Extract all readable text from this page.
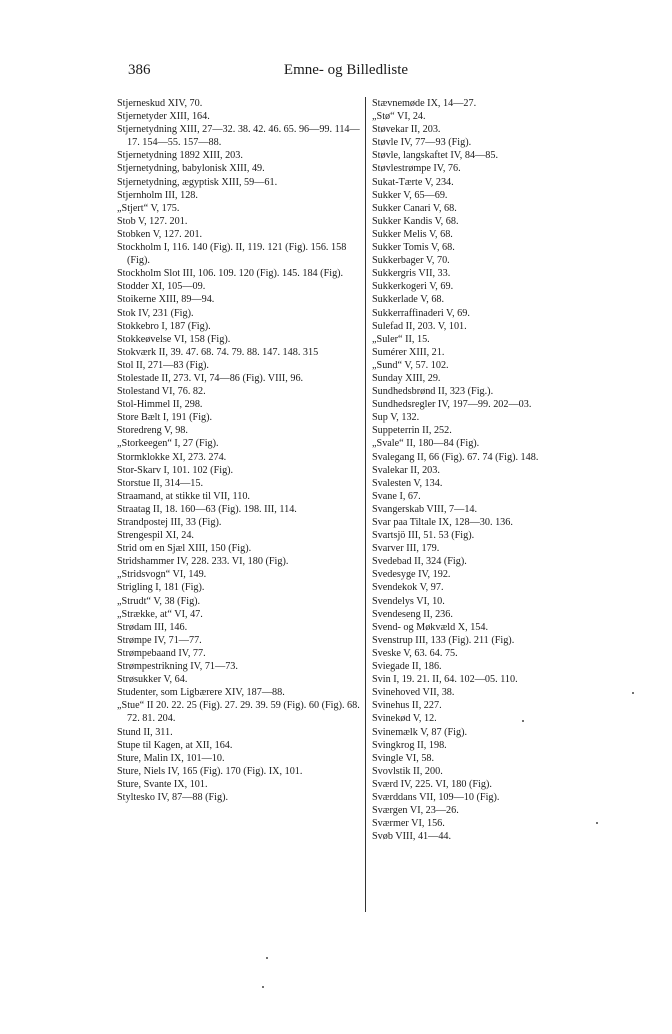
386	Emne- og Billedliste
Stjerneskud XIV, 70.
Stjernetyder XIII, 164.
Stjernetydning XIII, 27—32. 38. 42. 46. 65. 96—99. 114—17. 154—55. 157—88.
Stjernetydning 1892 XIII, 203.
Stjernetydning, babylonisk XIII, 49.
Stjernetydning, ægyptisk XIII, 59—61.
Stjernholm III, 128.
„Stjert“ V, 175.
Stob V, 127. 201.
Stobken V, 127. 201.
Stockholm I, 116. 140 (Fig). II, 119. 121 (Fig). 156. 158 (Fig).
Stockholm Slot III, 106. 109. 120 (Fig). 145. 184 (Fig).
Stodder XI, 105—09.
Stoikerne XIII, 89—94.
Stok IV, 231 (Fig).
Stokkebro I, 187 (Fig).
Stokkeøvelse VI, 158 (Fig).
Stokværk II, 39. 47. 68. 74. 79. 88. 147. 148. 315
Stol II, 271—83 (Fig).
Stolestade II, 273. VI, 74—86 (Fig). VIII, 96.
Stolestand VI, 76. 82.
Stol-Himmel II, 298.
Store Bælt I, 191 (Fig).
Storedreng V, 98.
„Storkeegen“ I, 27 (Fig).
Stormklokke XI, 273. 274.
Stor-Skarv I, 101. 102 (Fig).
Storstue II, 314—15.
Straamand, at stikke til VII, 110.
Straatag II, 18. 160—63 (Fig). 198. III, 114.
Strandpostej III, 33 (Fig).
Strengespil XI, 24.
Strid om en Sjæl XIII, 150 (Fig).
Stridshammer IV, 228. 233. VI, 180 (Fig).
„Stridsvogn“ VI, 149.
Strigling I, 181 (Fig).
„Strudt“ V, 38 (Fig).
„Strække, at“ VI, 47.
Strødam III, 146.
Strømpe IV, 71—77.
Strømpebaand IV, 77.
Strømpestrikning IV, 71—73.
Strøsukker V, 64.
Studenter, som Ligbærere XIV, 187—88.
„Stue“ II 20. 22. 25 (Fig). 27. 29. 39. 59 (Fig). 60 (Fig). 68. 72. 81. 204.
Stund II, 311.
Stupe til Kagen, at XII, 164.
Sture, Malin IX, 101—10.
Sture, Niels IV, 165 (Fig). 170 (Fig). IX, 101.
Sture, Svante IX, 101.
Styltesko IV, 87—88 (Fig).
Stævnemøde IX, 14—27.
„Stø“ VI, 24.
Støvekar II, 203.
Støvle IV, 77—93 (Fig).
Støvle, langskaftet IV, 84—85.
Støvlestrømpe IV, 76.
Sukat-Tærte V, 234.
Sukker V, 65—69.
Sukker Canari V, 68.
Sukker Kandis V, 68.
Sukker Melis V, 68.
Sukker Tomis V, 68.
Sukkerbager V, 70.
Sukkergris VII, 33.
Sukkerkogeri V, 69.
Sukkerlade V, 68.
Sukkerraffinaderi V, 69.
Sulefad II, 203. V, 101.
„Suler“ II, 15.
Sumérer XIII, 21.
„Sund“ V, 57. 102.
Sunday XIII, 29.
Sundhedsbrønd II, 323 (Fig.).
Sundhedsregler IV, 197—99. 202—03.
Sup V, 132.
Suppeterrin II, 252.
„Svale“ II, 180—84 (Fig).
Svalegang II, 66 (Fig). 67. 74 (Fig). 148.
Svalekar II, 203.
Svalesten V, 134.
Svane I, 67.
Svangerskab VIII, 7—14.
Svar paa Tiltale IX, 128—30. 136.
Svartsjö III, 51. 53 (Fig).
Svarver III, 179.
Svedebad II, 324 (Fig).
Svedesyge IV, 192.
Svendekok V, 97.
Svendelys VI, 10.
Svendeseng II, 236.
Svend- og Møkvæld X, 154.
Svenstrup III, 133 (Fig). 211 (Fig).
Sveske V, 63. 64. 75.
Sviegade II, 186.
Svin I, 19. 21. II, 64. 102—05. 110.
Svinehoved VII, 38.
Svinehus II, 227.
Svinekød V, 12.
Svinemælk V, 87 (Fig).
Svingkrog II, 198.
Svingle VI, 58.
Svovlstik II, 200.
Sværd IV, 225. VI, 180 (Fig).
Sværddans VII, 109—10 (Fig).
Sværgen VI, 23—26.
Sværmer VI, 156.
Svøb VIII, 41—44.
